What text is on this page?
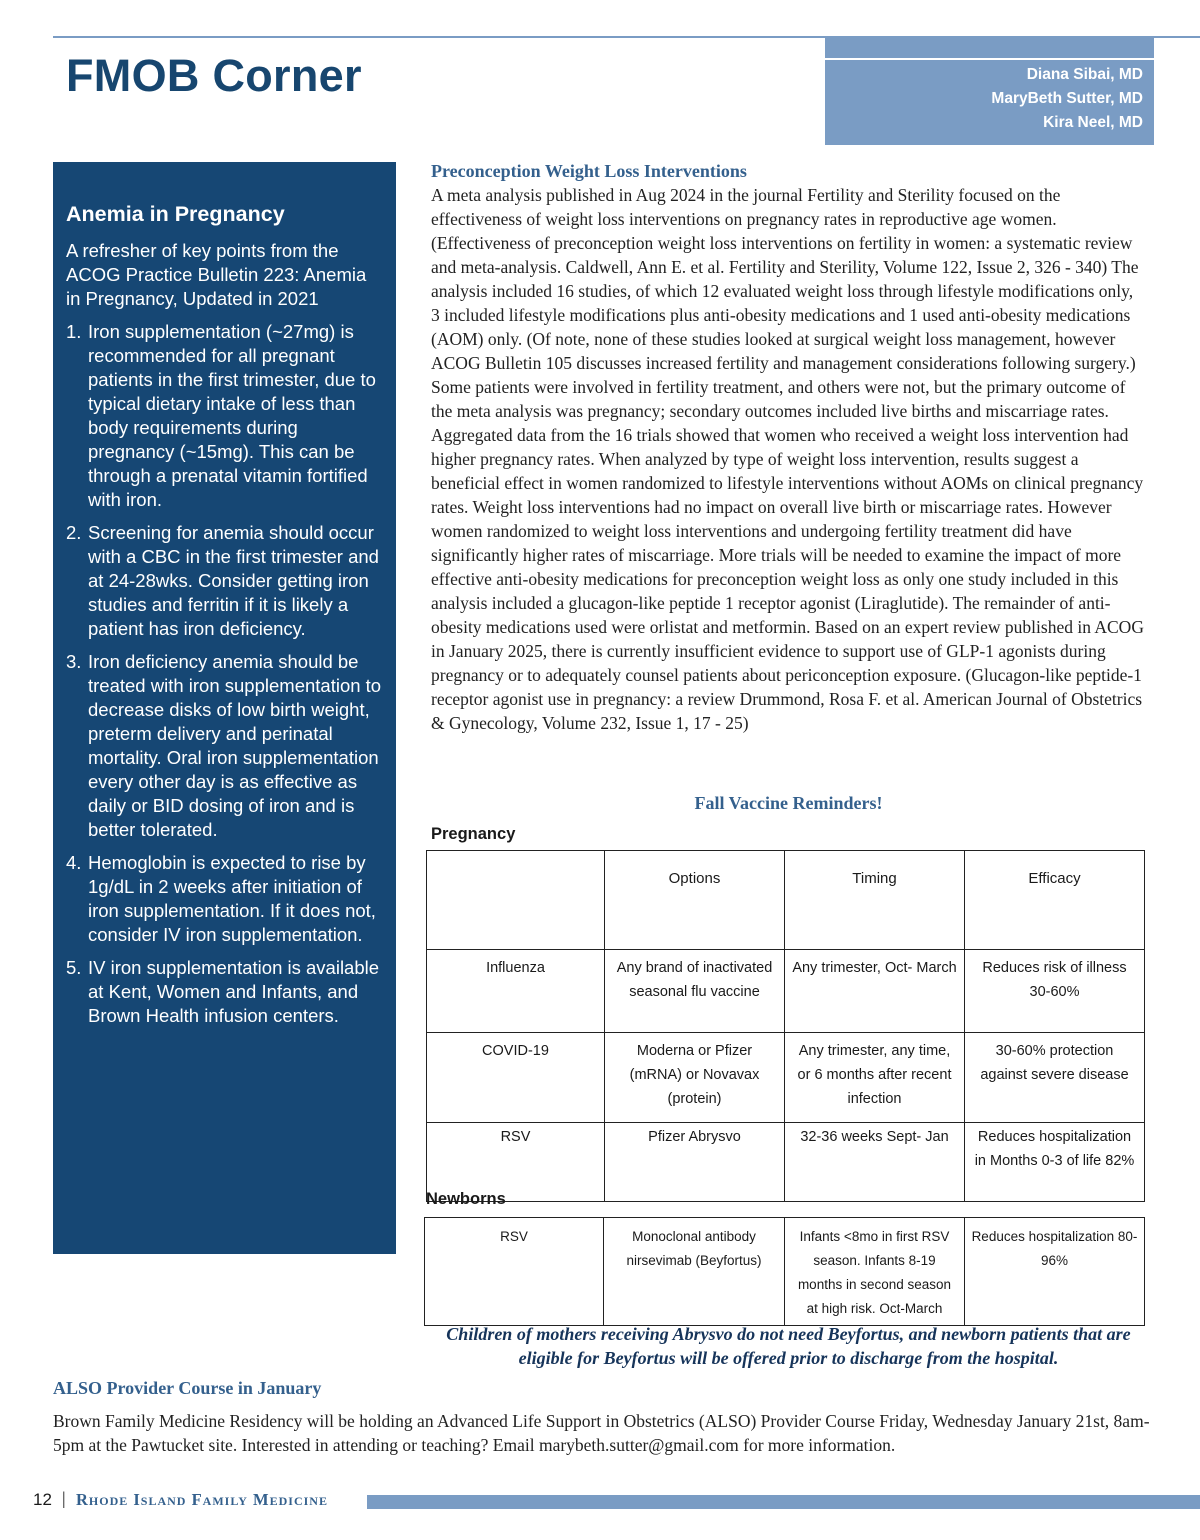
FMOB Corner	Diana Sibai, MD
MaryBeth Sutter, MD
Kira Neel, MD
Anemia in Pregnancy

A refresher of key points from the ACOG Practice Bulletin 223: Anemia in Pregnancy, Updated in 2021

1. Iron supplementation (~27mg) is recommended for all pregnant patients in the first trimester, due to typical dietary intake of less than body requirements during pregnancy (~15mg). This can be through a prenatal vitamin fortified with iron.
2. Screening for anemia should occur with a CBC in the first trimester and at 24-28wks. Consider getting iron studies and ferritin if it is likely a patient has iron deficiency.
3. Iron deficiency anemia should be treated with iron supplementation to decrease disks of low birth weight, preterm delivery and perinatal mortality. Oral iron supplementation every other day is as effective as daily or BID dosing of iron and is better tolerated.
4. Hemoglobin is expected to rise by 1g/dL in 2 weeks after initiation of iron supplementation. If it does not, consider IV iron supplementation.
5. IV iron supplementation is available at Kent, Women and Infants, and Brown Health infusion centers.
Preconception Weight Loss Interventions

A meta analysis published in Aug 2024 in the journal Fertility and Sterility focused on the effectiveness of weight loss interventions on pregnancy rates in reproductive age women. (Effectiveness of preconception weight loss interventions on fertility in women: a systematic review and meta-analysis. Caldwell, Ann E. et al. Fertility and Sterility, Volume 122, Issue 2, 326 - 340) The analysis included 16 studies, of which 12 evaluated weight loss through lifestyle modifications only, 3 included lifestyle modifications plus anti-obesity medications and 1 used anti-obesity medications (AOM) only. (Of note, none of these studies looked at surgical weight loss management, however ACOG Bulletin 105 discusses increased fertility and management considerations following surgery.) Some patients were involved in fertility treatment, and others were not, but the primary outcome of the meta analysis was pregnancy; secondary outcomes included live births and miscarriage rates. Aggregated data from the 16 trials showed that women who received a weight loss intervention had higher pregnancy rates. When analyzed by type of weight loss intervention, results suggest a beneficial effect in women randomized to lifestyle interventions without AOMs on clinical pregnancy rates. Weight loss interventions had no impact on overall live birth or miscarriage rates. However women randomized to weight loss interventions and undergoing fertility treatment did have significantly higher rates of miscarriage. More trials will be needed to examine the impact of more effective anti-obesity medications for preconception weight loss as only one study included in this analysis included a glucagon-like peptide 1 receptor agonist (Liraglutide). The remainder of anti-obesity medications used were orlistat and metformin. Based on an expert review published in ACOG in January 2025, there is currently insufficient evidence to support use of GLP-1 agonists during pregnancy or to adequately counsel patients about periconception exposure. (Glucagon-like peptide-1 receptor agonist use in pregnancy: a review Drummond, Rosa F. et al. American Journal of Obstetrics & Gynecology, Volume 232, Issue 1, 17 - 25)

Fall Vaccine Reminders!
Pregnancy
	Options	Timing	Efficacy
Influenza	Any brand of inactivated seasonal flu vaccine	Any trimester, Oct- March	Reduces risk of illness 30-60%
COVID-19	Moderna or Pfizer (mRNA) or Novavax (protein)	Any trimester, any time, or 6 months after recent infection	30-60% protection against severe disease
RSV	Pfizer Abrysvo	32-36 weeks Sept- Jan	Reduces hospitalization in Months 0-3 of life 82%
Newborns
RSV	Monoclonal antibody nirsevimab (Beyfortus)	Infants <8mo in first RSV season. Infants 8-19 months in second season at high risk. Oct-March	Reduces hospitalization 80-96%
Children of mothers receiving Abrysvo do not need Beyfortus, and newborn patients that are eligible for Beyfortus will be offered prior to discharge from the hospital.
ALSO Provider Course in January
Brown Family Medicine Residency will be holding an Advanced Life Support in Obstetrics (ALSO) Provider Course Friday, Wednesday January 21st, 8am-5pm at the Pawtucket site. Interested in attending or teaching? Email marybeth.sutter@gmail.com for more information.
12 | Rhode Island Family Medicine
